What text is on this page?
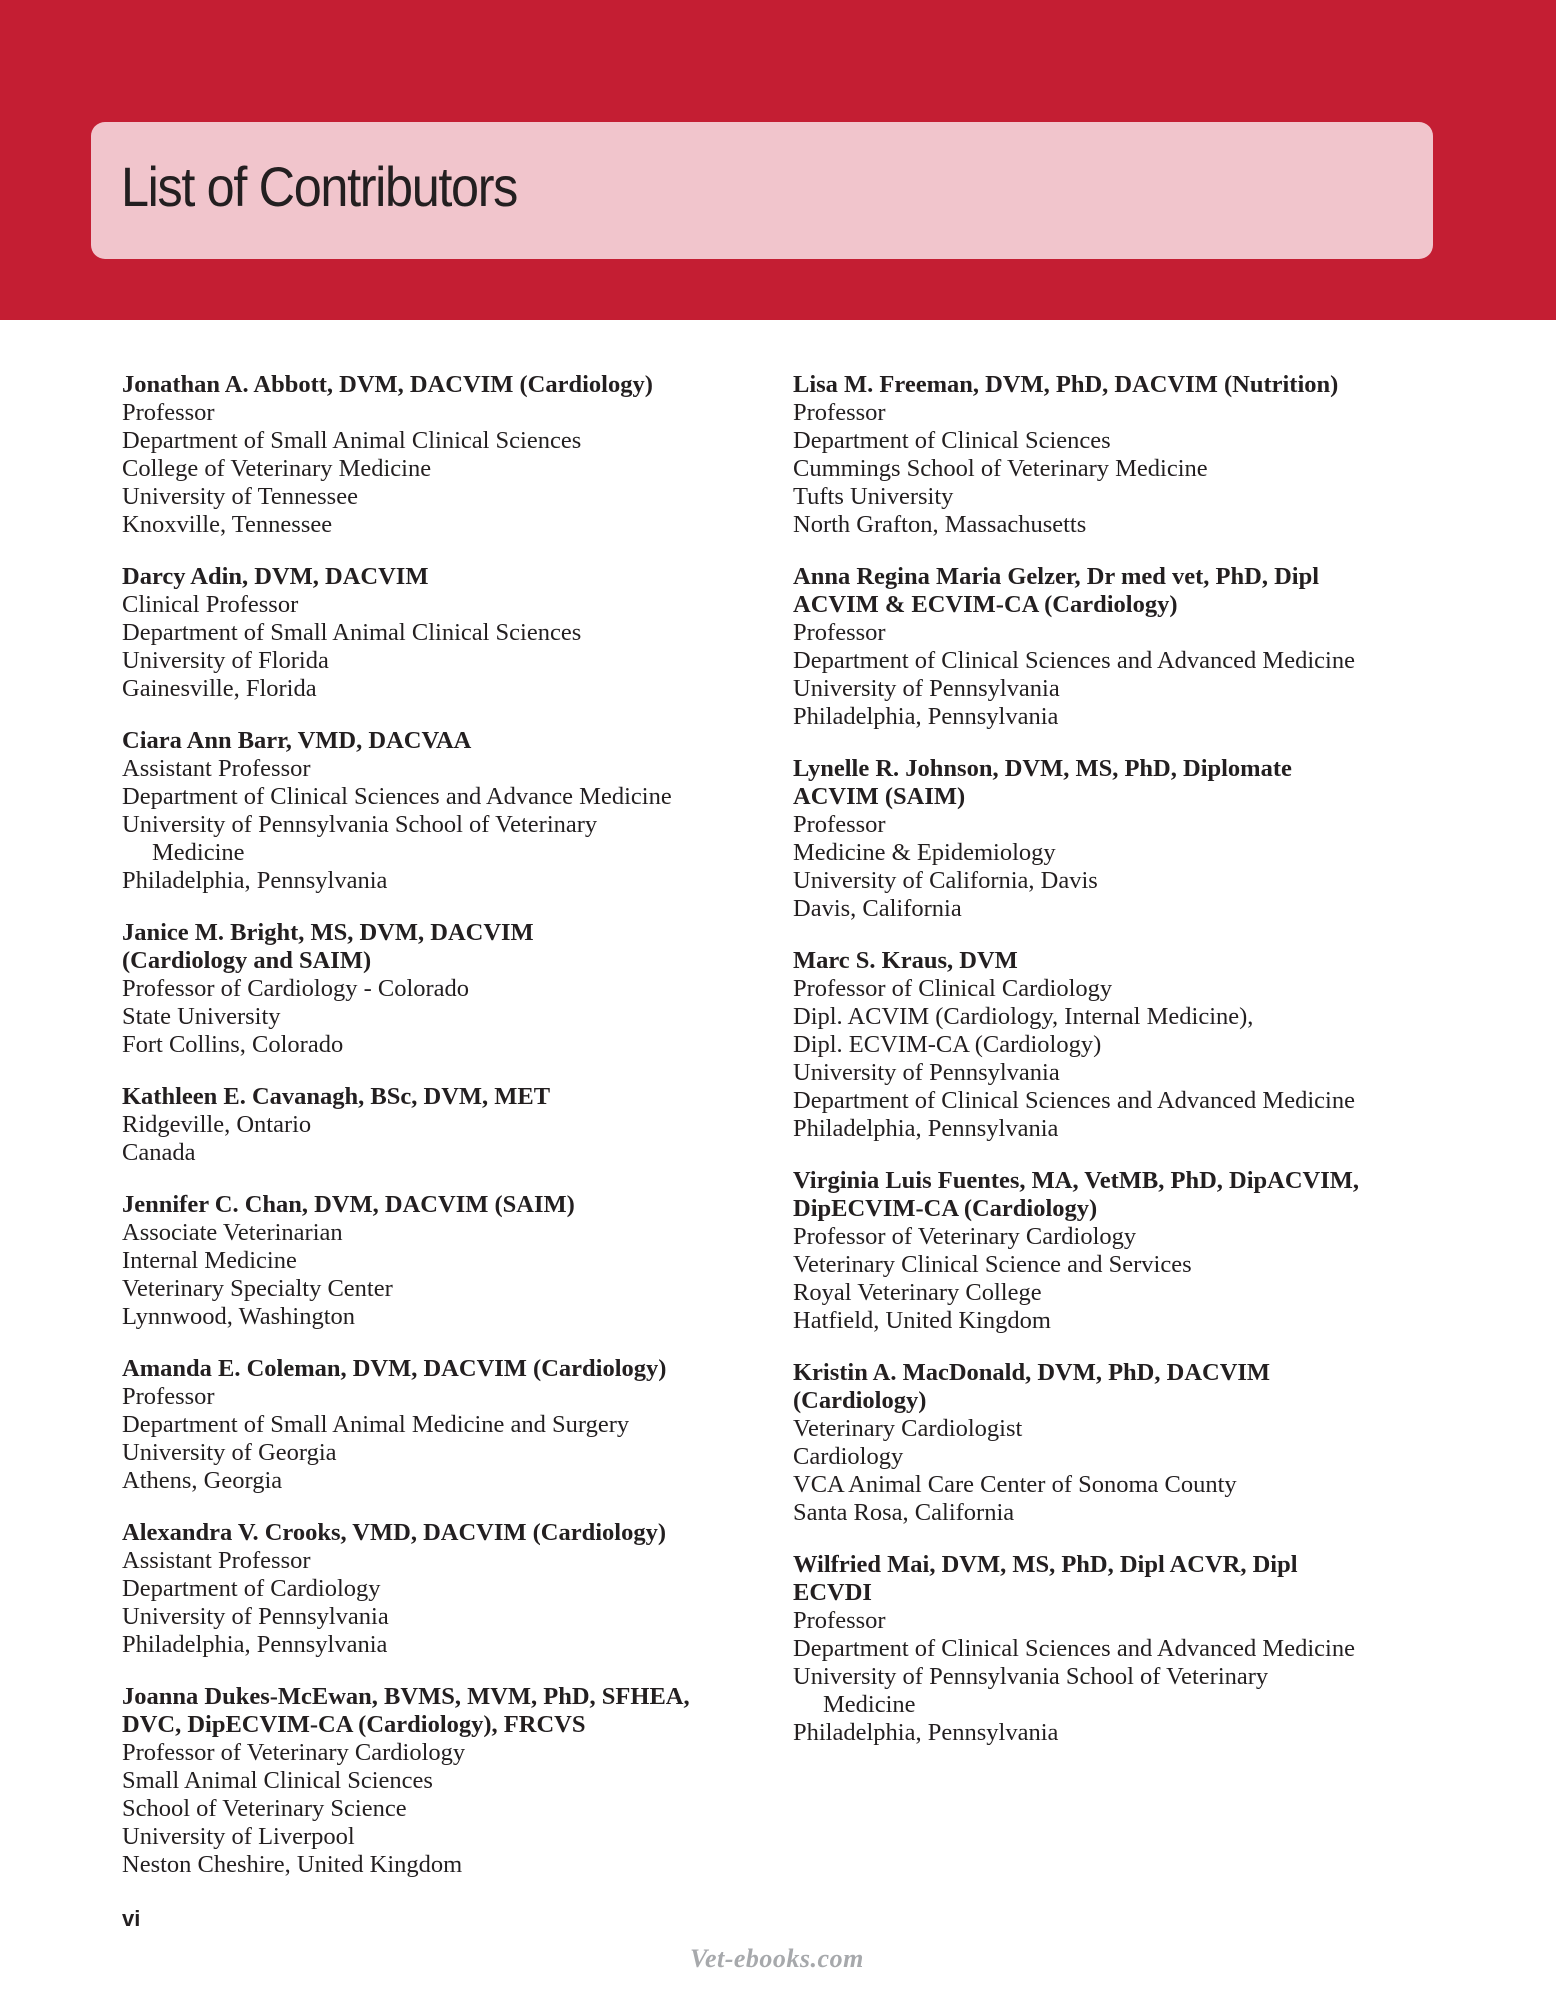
List of Contributors
Jonathan A. Abbott, DVM, DACVIM (Cardiology)
Professor
Department of Small Animal Clinical Sciences
College of Veterinary Medicine
University of Tennessee
Knoxville, Tennessee
Darcy Adin, DVM, DACVIM
Clinical Professor
Department of Small Animal Clinical Sciences
University of Florida
Gainesville, Florida
Ciara Ann Barr, VMD, DACVAA
Assistant Professor
Department of Clinical Sciences and Advance Medicine
University of Pennsylvania School of Veterinary
Medicine
Philadelphia, Pennsylvania
Janice M. Bright, MS, DVM, DACVIM
(Cardiology and SAIM)
Professor of Cardiology - Colorado
State University
Fort Collins, Colorado
Kathleen E. Cavanagh, BSc, DVM, MET
Ridgeville, Ontario
Canada
Jennifer C. Chan, DVM, DACVIM (SAIM)
Associate Veterinarian
Internal Medicine
Veterinary Specialty Center
Lynnwood, Washington
Amanda E. Coleman, DVM, DACVIM (Cardiology)
Professor
Department of Small Animal Medicine and Surgery
University of Georgia
Athens, Georgia
Alexandra V. Crooks, VMD, DACVIM (Cardiology)
Assistant Professor
Department of Cardiology
University of Pennsylvania
Philadelphia, Pennsylvania
Joanna Dukes-McEwan, BVMS, MVM, PhD, SFHEA,
DVC, DipECVIM-CA (Cardiology), FRCVS
Professor of Veterinary Cardiology
Small Animal Clinical Sciences
School of Veterinary Science
University of Liverpool
Neston Cheshire, United Kingdom
Lisa M. Freeman, DVM, PhD, DACVIM (Nutrition)
Professor
Department of Clinical Sciences
Cummings School of Veterinary Medicine
Tufts University
North Grafton, Massachusetts
Anna Regina Maria Gelzer, Dr med vet, PhD, Dipl
ACVIM & ECVIM-CA (Cardiology)
Professor
Department of Clinical Sciences and Advanced Medicine
University of Pennsylvania
Philadelphia, Pennsylvania
Lynelle R. Johnson, DVM, MS, PhD, Diplomate
ACVIM (SAIM)
Professor
Medicine & Epidemiology
University of California, Davis
Davis, California
Marc S. Kraus, DVM
Professor of Clinical Cardiology
Dipl. ACVIM (Cardiology, Internal Medicine),
Dipl. ECVIM-CA (Cardiology)
University of Pennsylvania
Department of Clinical Sciences and Advanced Medicine
Philadelphia, Pennsylvania
Virginia Luis Fuentes, MA, VetMB, PhD, DipACVIM,
DipECVIM-CA (Cardiology)
Professor of Veterinary Cardiology
Veterinary Clinical Science and Services
Royal Veterinary College
Hatfield, United Kingdom
Kristin A. MacDonald, DVM, PhD, DACVIM
(Cardiology)
Veterinary Cardiologist
Cardiology
VCA Animal Care Center of Sonoma County
Santa Rosa, California
Wilfried Mai, DVM, MS, PhD, Dipl ACVR, Dipl
ECVDI
Professor
Department of Clinical Sciences and Advanced Medicine
University of Pennsylvania School of Veterinary
Medicine
Philadelphia, Pennsylvania
vi
Vet-ebooks.com
